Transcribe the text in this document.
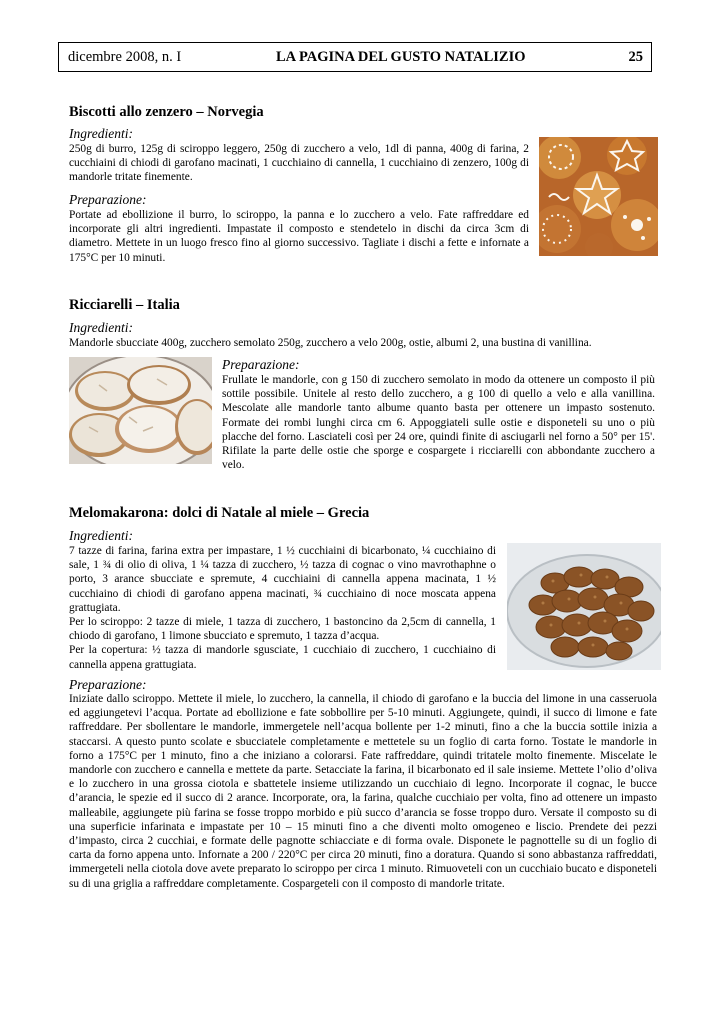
dicembre 2008, n. I	LA PAGINA DEL GUSTO NATALIZIO	25
Biscotti allo zenzero – Norvegia
Ingredienti:
250g di burro, 125g di sciroppo leggero, 250g di zucchero a velo, 1dl di panna, 400g di farina, 2 cucchiaini di chiodi di garofano macinati, 1 cucchiaino di cannella, 1 cucchiaino di zenzero, 100g di mandorle tritate finemente.
Preparazione:
Portate ad ebollizione il burro, lo sciroppo, la panna e lo zucchero a velo. Fate raffreddare ed incorporate gli altri ingredienti. Impastate il composto e stendetelo in dischi da circa 3cm di diametro. Mettete in un luogo fresco fino al giorno successivo. Tagliate i dischi a fette e infornate a 175°C per 10 minuti.
Ricciarelli – Italia
Ingredienti:
Mandorle sbucciate 400g, zucchero semolato 250g, zucchero a velo 200g, ostie, albumi 2, una bustina di vanillina.
Preparazione:
Frullate le mandorle, con g 150 di zucchero semolato in modo da ottenere un composto il più sottile possibile. Unitele al resto dello zucchero, a g 100 di quello a velo e alla vanillina. Mescolate alle mandorle tanto albume quanto basta per ottenere un impasto sostenuto. Formate dei rombi lunghi circa cm 6. Appoggiateli sulle ostie e disponeteli su uno o più placche del forno. Lasciateli così per 24 ore, quindi finite di asciugarli nel forno a 50° per 15'. Rifilate la parte delle ostie che sporge e cospargete i ricciarelli con abbondante zucchero a velo.
Melomakarona: dolci di Natale al miele – Grecia
Ingredienti:

7 tazze di farina, farina extra per impastare, 1 ½ cucchiaini di bicarbonato, ¼ cucchiaino di sale, 1 ¾ di olio di oliva, 1 ¼ tazza di zucchero, ½ tazza di cognac o vino mavrothaphne o porto, 3 arance sbucciate e spremute, 4 cucchiaini di cannella appena macinata, 1 ½ cucchiaino di chiodi di garofano appena macinati, ¾ cucchiaino di noce moscata appena grattugiata.

Per lo sciroppo: 2 tazze di miele, 1 tazza di zucchero, 1 bastoncino da 2,5cm di cannella, 1 chiodo di garofano, 1 limone sbucciato e spremuto, 1 tazza d’acqua.

Per la copertura: ½ tazza di mandorle sgusciate, 1 cucchiaio di zucchero, 1 cucchiaino di cannella appena grattugiata.

Preparazione:
Iniziate dallo sciroppo. Mettete il miele, lo zucchero, la cannella, il chiodo di garofano e la buccia del limone in una casseruola ed aggiungetevi l’acqua. Portate ad ebollizione e fate sobbollire per 5-10 minuti. Aggiungete, quindi, il succo di limone e fate raffreddare. Per sbollentare le mandorle, immergetele nell’acqua bollente per 1-2 minuti, fino a che la buccia sottile inizia a staccarsi. A questo punto scolate e sbucciatele completamente e mettetele su un foglio di carta forno. Tostate le mandorle in forno a 175°C per 1 minuto, fino a che iniziano a colorarsi. Fate raffreddare, quindi tritatele molto finemente. Miscelate le mandorle con zucchero e cannella e mettete da parte. Setacciate la farina, il bicarbonato ed il sale insieme. Mettete l’olio d’oliva e lo zucchero in una grossa ciotola e sbattetele insieme utilizzando un cucchiaio di legno. Incorporate il cognac, le bucce d’arancia, le spezie ed il succo di 2 arance. Incorporate, ora, la farina, qualche cucchiaio per volta, fino ad ottenere un impasto malleabile, aggiungete più farina se fosse troppo morbido e più succo d’arancia se fosse troppo duro. Versate il composto su di una superficie infarinata e impastate per 10 – 15 minuti fino a che diventi molto omogeneo e liscio. Prendete dei pezzi d’impasto, circa 2 cucchiai, e formate delle pagnotte schiacciate e di forma ovale. Disponete le pagnottelle su di un foglio di carta da forno appena unto. Infornate a 200 / 220°C per circa 20 minuti, fino a doratura. Quando si sono abbastanza raffreddati, immergeteli nella ciotola dove avete preparato lo sciroppo per circa 1 minuto. Rimuoveteli con un cucchiaio bucato e disponeteli su di una griglia a raffreddare completamente. Cospargeteli con il composto di mandorle tritate.
